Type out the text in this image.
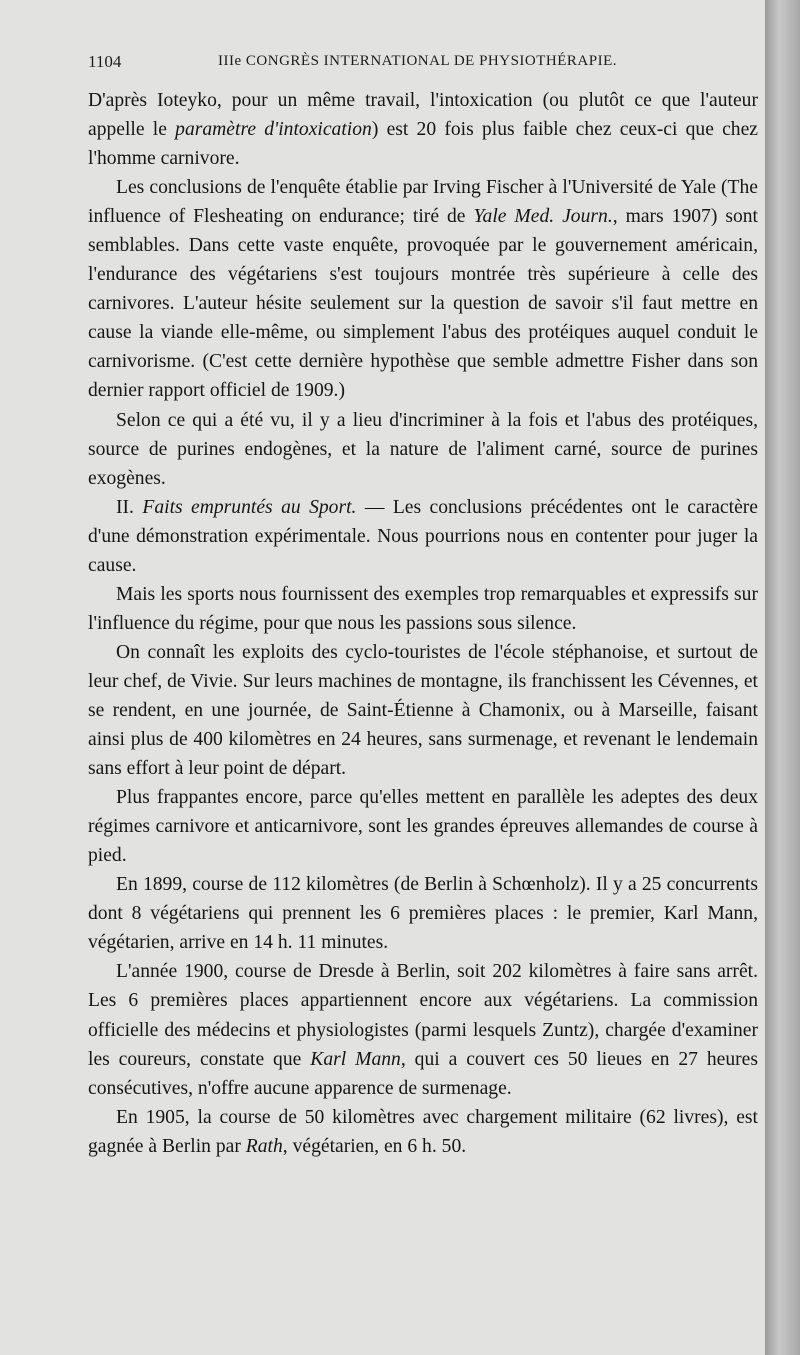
1104	IIIe CONGRÈS INTERNATIONAL DE PHYSIOTHÉRAPIE.

D'après Ioteyko, pour un même travail, l'intoxication (ou plutôt ce que l'auteur appelle le paramètre d'intoxication) est 20 fois plus faible chez ceux-ci que chez l'homme carnivore.

Les conclusions de l'enquête établie par Irving Fischer à l'Université de Yale (The influence of Flesheating on endurance; tiré de Yale Med. Journ., mars 1907) sont semblables. Dans cette vaste enquête, provoquée par le gouvernement américain, l'endurance des végétariens s'est toujours montrée très supérieure à celle des carnivores. L'auteur hésite seulement sur la question de savoir s'il faut mettre en cause la viande elle-même, ou simplement l'abus des protéiques auquel conduit le carnivorisme. (C'est cette dernière hypothèse que semble admettre Fisher dans son dernier rapport officiel de 1909.)

Selon ce qui a été vu, il y a lieu d'incriminer à la fois et l'abus des protéiques, source de purines endogènes, et la nature de l'aliment carné, source de purines exogènes.

II. Faits empruntés au Sport. — Les conclusions précédentes ont le caractère d'une démonstration expérimentale. Nous pourrions nous en contenter pour juger la cause.

Mais les sports nous fournissent des exemples trop remarquables et expressifs sur l'influence du régime, pour que nous les passions sous silence.

On connaît les exploits des cyclo-touristes de l'école stéphanoise, et surtout de leur chef, de Vivie. Sur leurs machines de montagne, ils franchissent les Cévennes, et se rendent, en une journée, de Saint-Étienne à Chamonix, ou à Marseille, faisant ainsi plus de 400 kilomètres en 24 heures, sans surmenage, et revenant le lendemain sans effort à leur point de départ.

Plus frappantes encore, parce qu'elles mettent en parallèle les adeptes des deux régimes carnivore et anticarnivore, sont les grandes épreuves allemandes de course à pied.

En 1899, course de 112 kilomètres (de Berlin à Schœnholz). Il y a 25 concurrents dont 8 végétariens qui prennent les 6 premières places : le premier, Karl Mann, végétarien, arrive en 14 h. 11 minutes.

L'année 1900, course de Dresde à Berlin, soit 202 kilomètres à faire sans arrêt. Les 6 premières places appartiennent encore aux végétariens. La commission officielle des médecins et physiologistes (parmi lesquels Zuntz), chargée d'examiner les coureurs, constate que Karl Mann, qui a couvert ces 50 lieues en 27 heures consécutives, n'offre aucune apparence de surmenage.

En 1905, la course de 50 kilomètres avec chargement militaire (62 livres), est gagnée à Berlin par Rath, végétarien, en 6 h. 50.
